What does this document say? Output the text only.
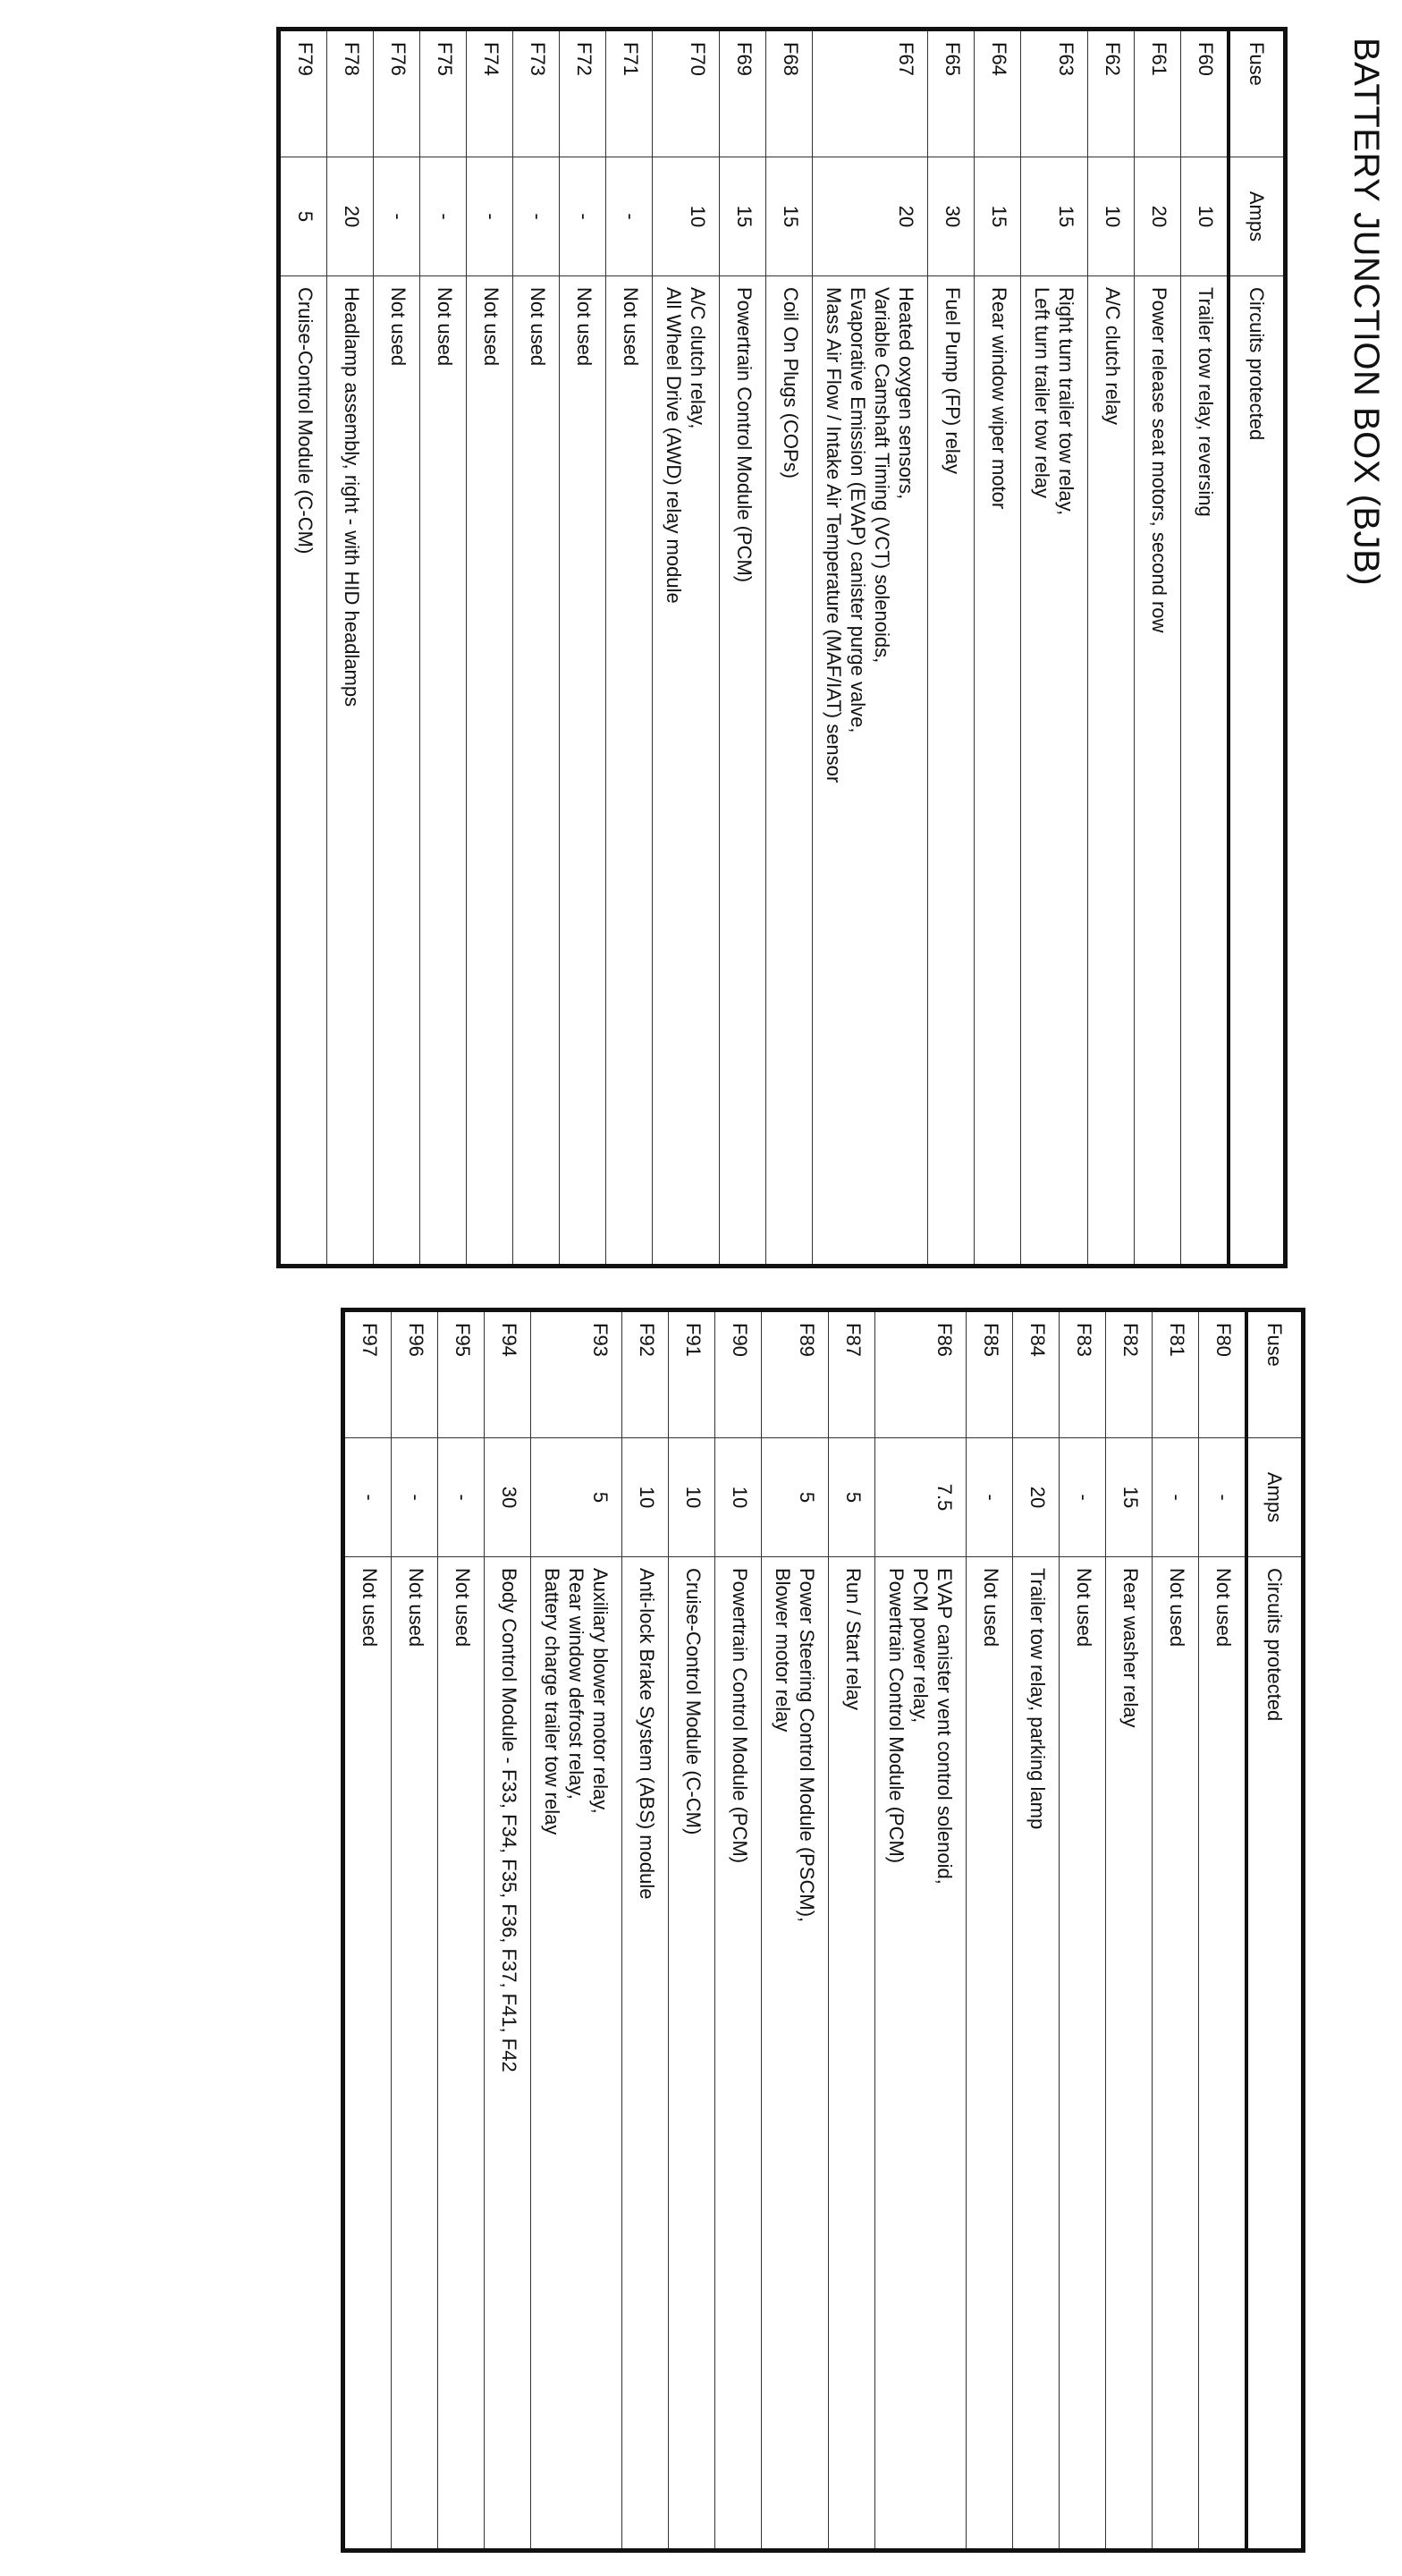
BATTERY JUNCTION BOX (BJB)
Fuse	Amps	Circuits protected
F60	10	Trailer tow relay, reversing
F61	20	Power release seat motors, second row
F62	10	A/C clutch relay
F63	15	Right turn trailer tow relay,
Left turn trailer tow relay
F64	15	Rear window wiper motor
F65	30	Fuel Pump (FP) relay
F67	20	Heated oxygen sensors,
Variable Camshaft Timing (VCT) solenoids,
Evaporative Emission (EVAP) canister purge valve,
Mass Air Flow / Intake Air Temperature (MAF/IAT) sensor
F68	15	Coil On Plugs (COPs)
F69	15	Powertrain Control Module (PCM)
F70	10	A/C clutch relay,
All Wheel Drive (AWD) relay module
F71	-	Not used
F72	-	Not used
F73	-	Not used
F74	-	Not used
F75	-	Not used
F76	-	Not used
F78	20	Headlamp assembly, right - with HID headlamps
F79	5	Cruise-Control Module (C-CM)
Fuse	Amps	Circuits protected
F80	-	Not used
F81	-	Not used
F82	15	Rear washer relay
F83	-	Not used
F84	20	Trailer tow relay, parking lamp
F85	-	Not used
F86	7.5	EVAP canister vent control solenoid,
PCM power relay,
Powertrain Control Module (PCM)
F87	5	Run / Start relay
F89	5	Power Steering Control Module (PSCM),
Blower motor relay
F90	10	Powertrain Control Module (PCM)
F91	10	Cruise-Control Module (C-CM)
F92	10	Anti-lock Brake System (ABS) module
F93	5	Auxiliary blower motor relay,
Rear window defrost relay,
Battery charge trailer tow relay
F94	30	Body Control Module - F33, F34, F35, F36, F37, F41, F42
F95	-	Not used
F96	-	Not used
F97	-	Not used
